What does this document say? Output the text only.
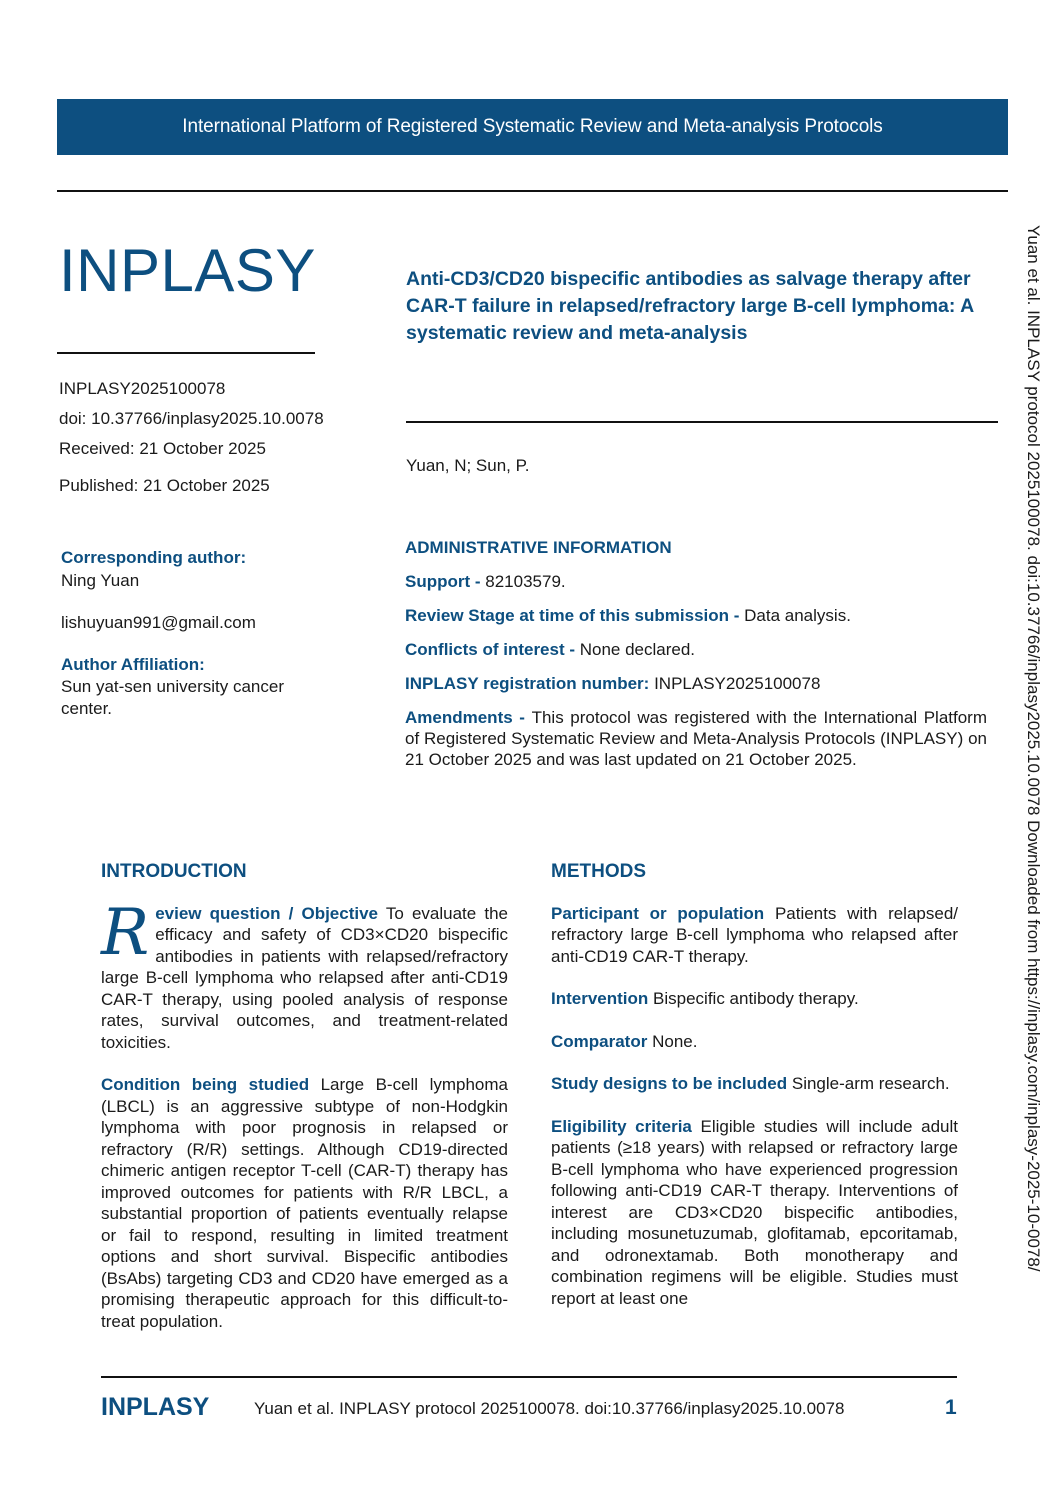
International Platform of Registered Systematic Review and Meta-analysis Protocols
INPLASY
INPLASY2025100078
doi: 10.37766/inplasy2025.10.0078
Received: 21 October 2025
Published: 21 October 2025
Anti-CD3/CD20 bispecific antibodies as salvage therapy after CAR-T failure in relapsed/refractory large B-cell lymphoma: A systematic review and meta-analysis
Yuan, N; Sun, P.
Corresponding author:
Ning Yuan
lishuyuan991@gmail.com
Author Affiliation:
Sun yat-sen university cancer center.
ADMINISTRATIVE INFORMATION

Support - 82103579.

Review Stage at time of this submission - Data analysis.

Conflicts of interest - None declared.

INPLASY registration number: INPLASY2025100078

Amendments - This protocol was registered with the International Platform of Registered Systematic Review and Meta-Analysis Protocols (INPLASY) on 21 October 2025 and was last updated on 21 October 2025.

INTRODUCTION

Review question / Objective To evaluate the efficacy and safety of CD3×CD20 bispecific antibodies in patients with relapsed/refractory large B-cell lymphoma who relapsed after anti-CD19 CAR-T therapy, using pooled analysis of response rates, survival outcomes, and treatment-related toxicities.

Condition being studied Large B-cell lymphoma (LBCL) is an aggressive subtype of non-Hodgkin lymphoma with poor prognosis in relapsed or refractory (R/R) settings. Although CD19-directed chimeric antigen receptor T-cell (CAR-T) therapy has improved outcomes for patients with R/R LBCL, a substantial proportion of patients eventually relapse or fail to respond, resulting in limited treatment options and short survival. Bispecific antibodies (BsAbs) targeting CD3 and CD20 have emerged as a promising therapeutic approach for this difficult-to-treat population.

METHODS

Participant or population Patients with relapsed/ refractory large B-cell lymphoma who relapsed after anti-CD19 CAR-T therapy.

Intervention Bispecific antibody therapy.

Comparator None.

Study designs to be included Single-arm research.

Eligibility criteria Eligible studies will include adult patients (≥18 years) with relapsed or refractory large B-cell lymphoma who have experienced progression following anti-CD19 CAR-T therapy. Interventions of interest are CD3×CD20 bispecific antibodies, including mosunetuzumab, glofitamab, epcoritamab, and odronextamab. Both monotherapy and combination regimens will be eligible. Studies must report at least one

INPLASY	Yuan et al. INPLASY protocol 2025100078. doi:10.37766/inplasy2025.10.0078	1
Yuan et al. INPLASY protocol 2025100078. doi:10.37766/inplasy2025.10.0078 Downloaded from https://inplasy.com/inplasy-2025-10-0078/
